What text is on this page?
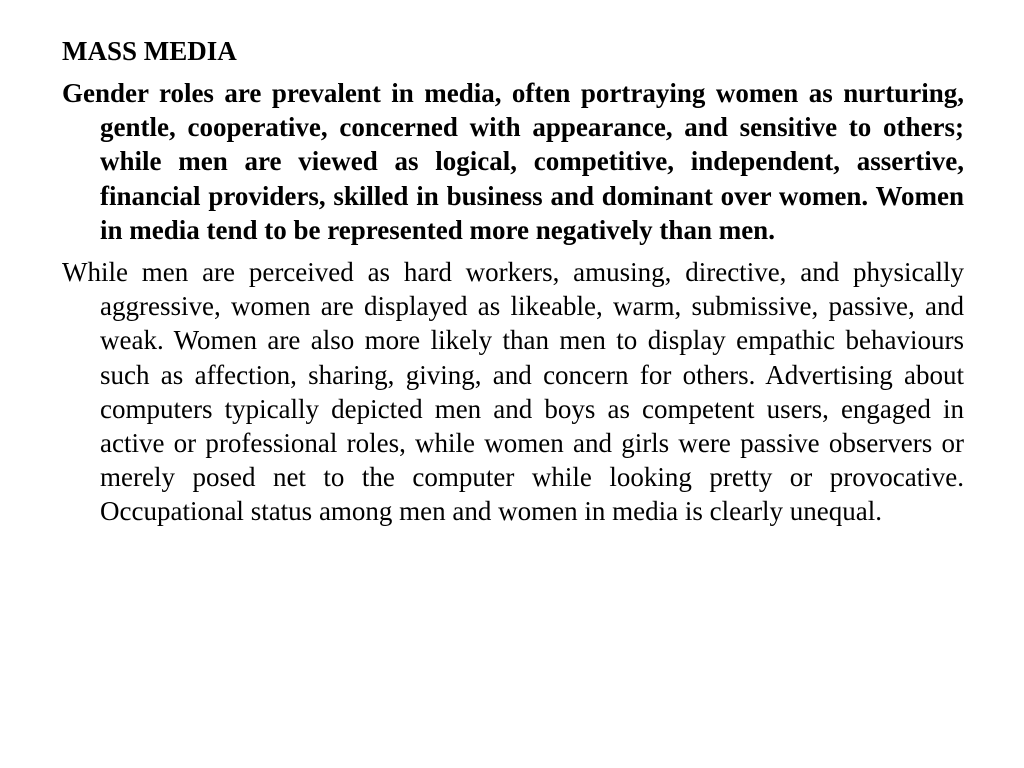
MASS MEDIA

Gender roles are prevalent in media, often portraying women as nurturing, gentle, cooperative, concerned with appearance, and sensitive to others; while men are viewed as logical, competitive, independent, assertive, financial providers, skilled in business and dominant over women. Women in media tend to be represented more negatively than men.

While men are perceived as hard workers, amusing, directive, and physically aggressive, women are displayed as likeable, warm, submissive, passive, and weak. Women are also more likely than men to display empathic behaviours such as affection, sharing, giving, and concern for others. Advertising about computers typically depicted men and boys as competent users, engaged in active or professional roles, while women and girls were passive observers or merely posed net to the computer while looking pretty or provocative. Occupational status among men and women in media is clearly unequal.
